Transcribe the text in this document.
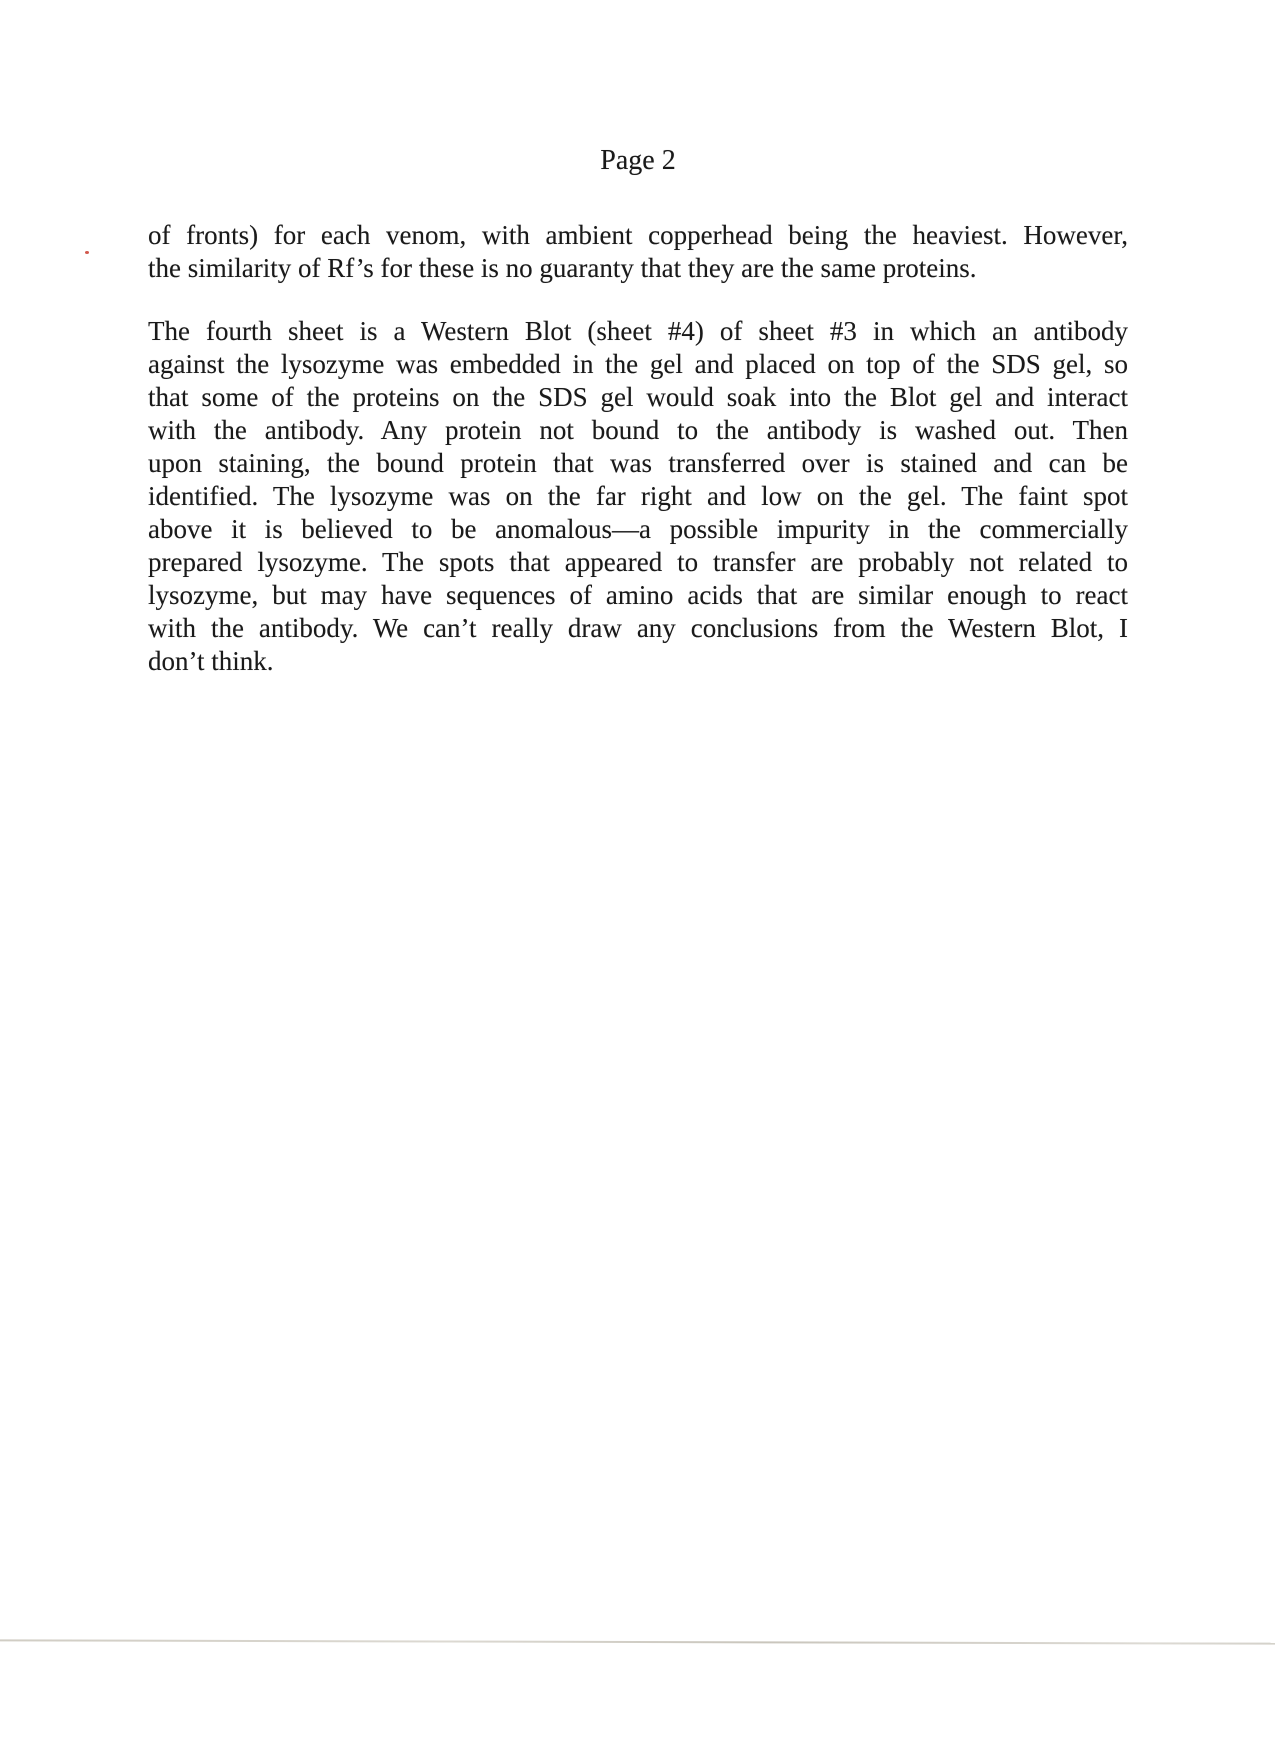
Page 2
of fronts) for each venom, with ambient copperhead being the heaviest. However,
the similarity of Rf’s for these is no guaranty that they are the same proteins.
The fourth sheet is a Western Blot (sheet #4) of sheet #3 in which an antibody
against the lysozyme was embedded in the gel and placed on top of the SDS gel, so
that some of the proteins on the SDS gel would soak into the Blot gel and interact
with the antibody. Any protein not bound to the antibody is washed out. Then
upon staining, the bound protein that was transferred over is stained and can be
identified. The lysozyme was on the far right and low on the gel. The faint spot
above it is believed to be anomalous—a possible impurity in the commercially
prepared lysozyme. The spots that appeared to transfer are probably not related to
lysozyme, but may have sequences of amino acids that are similar enough to react
with the antibody. We can’t really draw any conclusions from the Western Blot, I
don’t think.
